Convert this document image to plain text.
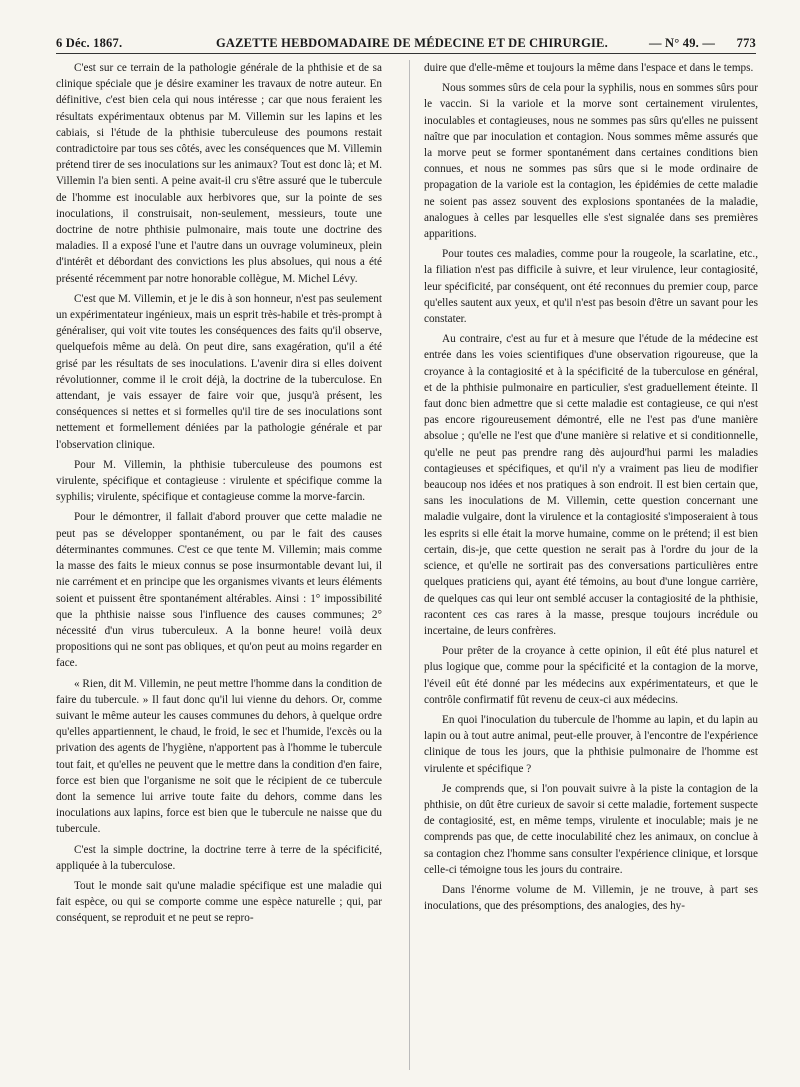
6 Déc. 1867.	GAZETTE HEBDOMADAIRE DE MÉDECINE ET DE CHIRURGIE.	— N° 49. — 773

C'est sur ce terrain de la pathologie générale de la phthisie et de sa clinique spéciale que je désire examiner les travaux de notre auteur. En définitive, c'est bien cela qui nous intéresse ; car que nous feraient les résultats expérimentaux obtenus par M. Villemin sur les lapins et les cabiais, si l'étude de la phthisie tuberculeuse des poumons restait contradictoire par tous ses côtés, avec les conséquences que M. Villemin prétend tirer de ses inoculations sur les animaux? Tout est donc là; et M. Villemin l'a bien senti. A peine avait-il cru s'être assuré que le tubercule de l'homme est inoculable aux herbivores que, sur la pointe de ses inoculations, il construisait, non-seulement, messieurs, toute une doctrine de notre phthisie pulmonaire, mais toute une doctrine des maladies. Il a exposé l'une et l'autre dans un ouvrage volumineux, plein d'intérêt et débordant des convictions les plus absolues, qui nous a été présenté récemment par notre honorable collègue, M. Michel Lévy.

C'est que M. Villemin, et je le dis à son honneur, n'est pas seulement un expérimentateur ingénieux, mais un esprit très-habile et très-prompt à généraliser, qui voit vite toutes les conséquences des faits qu'il observe, quelquefois même au delà. On peut dire, sans exagération, qu'il a été grisé par les résultats de ses inoculations. L'avenir dira si elles doivent révolutionner, comme il le croit déjà, la doctrine de la tuberculose. En attendant, je vais essayer de faire voir que, jusqu'à présent, les conséquences si nettes et si formelles qu'il tire de ses inoculations sont nettement et formellement déniées par la pathologie générale et par l'observation clinique.

Pour M. Villemin, la phthisie tuberculeuse des poumons est virulente, spécifique et contagieuse : virulente et spécifique comme la syphilis; virulente, spécifique et contagieuse comme la morve-farcin.

Pour le démontrer, il fallait d'abord prouver que cette maladie ne peut pas se développer spontanément, ou par le fait des causes déterminantes communes. C'est ce que tente M. Villemin; mais comme la masse des faits le mieux connus se pose insurmontable devant lui, il nie carrément et en principe que les organismes vivants et leurs éléments soient et puissent être spontanément altérables. Ainsi : 1° impossibilité que la phthisie naisse sous l'influence des causes communes; 2° nécessité d'un virus tuberculeux. A la bonne heure! voilà deux propositions qui ne sont pas obliques, et qu'on peut au moins regarder en face.

« Rien, dit M. Villemin, ne peut mettre l'homme dans la condition de faire du tubercule. » Il faut donc qu'il lui vienne du dehors. Or, comme suivant le même auteur les causes communes du dehors, à quelque ordre qu'elles appartiennent, le chaud, le froid, le sec et l'humide, l'excès ou la privation des agents de l'hygiène, n'apportent pas à l'homme le tubercule tout fait, et qu'elles ne peuvent que le mettre dans la condition d'en faire, force est bien que l'organisme ne soit que le récipient de ce tubercule dont la semence lui arrive toute faite du dehors, comme dans les inoculations aux lapins, force est bien que le tubercule ne naisse que du tubercule.

C'est la simple doctrine, la doctrine terre à terre de la spécificité, appliquée à la tuberculose.

Tout le monde sait qu'une maladie spécifique est une maladie qui fait espèce, ou qui se comporte comme une espèce naturelle ; qui, par conséquent, se reproduit et ne peut se repro-

duire que d'elle-même et toujours la même dans l'espace et dans le temps.

Nous sommes sûrs de cela pour la syphilis, nous en sommes sûrs pour le vaccin. Si la variole et la morve sont certainement virulentes, inoculables et contagieuses, nous ne sommes pas sûrs qu'elles ne puissent naître que par inoculation et contagion. Nous sommes même assurés que la morve peut se former spontanément dans certaines conditions bien connues, et nous ne sommes pas sûrs que si le mode ordinaire de propagation de la variole est la contagion, les épidémies de cette maladie ne soient pas assez souvent des explosions spontanées de la maladie, analogues à celles par lesquelles elle s'est signalée dans ses premières apparitions.

Pour toutes ces maladies, comme pour la rougeole, la scarlatine, etc., la filiation n'est pas difficile à suivre, et leur virulence, leur contagiosité, leur spécificité, par conséquent, ont été reconnues du premier coup, parce qu'elles sautent aux yeux, et qu'il n'est pas besoin d'être un savant pour les constater.

Au contraire, c'est au fur et à mesure que l'étude de la médecine est entrée dans les voies scientifiques d'une observation rigoureuse, que la croyance à la contagiosité et à la spécificité de la tuberculose en général, et de la phthisie pulmonaire en particulier, s'est graduellement éteinte. Il faut donc bien admettre que si cette maladie est contagieuse, ce qui n'est pas encore rigoureusement démontré, elle ne l'est pas d'une manière absolue ; qu'elle ne l'est que d'une manière si relative et si conditionnelle, qu'elle ne peut pas prendre rang dès aujourd'hui parmi les maladies contagieuses et spécifiques, et qu'il n'y a vraiment pas lieu de modifier beaucoup nos idées et nos pratiques à son endroit. Il est bien certain que, sans les inoculations de M. Villemin, cette question concernant une maladie vulgaire, dont la virulence et la contagiosité s'imposeraient à tous les esprits si elle était la morve humaine, comme on le prétend; il est bien certain, dis-je, que cette question ne serait pas à l'ordre du jour de la science, et qu'elle ne sortirait pas des conversations particulières entre quelques praticiens qui, ayant été témoins, au bout d'une longue carrière, de quelques cas qui leur ont semblé accuser la contagiosité de la phthisie, racontent ces cas rares à la masse, presque toujours incrédule ou incertaine, de leurs confrères.

Pour prêter de la croyance à cette opinion, il eût été plus naturel et plus logique que, comme pour la spécificité et la contagion de la morve, l'éveil eût été donné par les médecins aux expérimentateurs, et que le contrôle confirmatif fût revenu de ceux-ci aux médecins.

En quoi l'inoculation du tubercule de l'homme au lapin, et du lapin au lapin ou à tout autre animal, peut-elle prouver, à l'encontre de l'expérience clinique de tous les jours, que la phthisie pulmonaire de l'homme est virulente et spécifique ?

Je comprends que, si l'on pouvait suivre à la piste la contagion de la phthisie, on dût être curieux de savoir si cette maladie, fortement suspecte de contagiosité, est, en même temps, virulente et inoculable; mais je ne comprends pas que, de cette inoculabilité chez les animaux, on conclue à sa contagion chez l'homme sans consulter l'expérience clinique, et lorsque celle-ci témoigne tous les jours du contraire.

Dans l'énorme volume de M. Villemin, je ne trouve, à part ses inoculations, que des présomptions, des analogies, des hy-
